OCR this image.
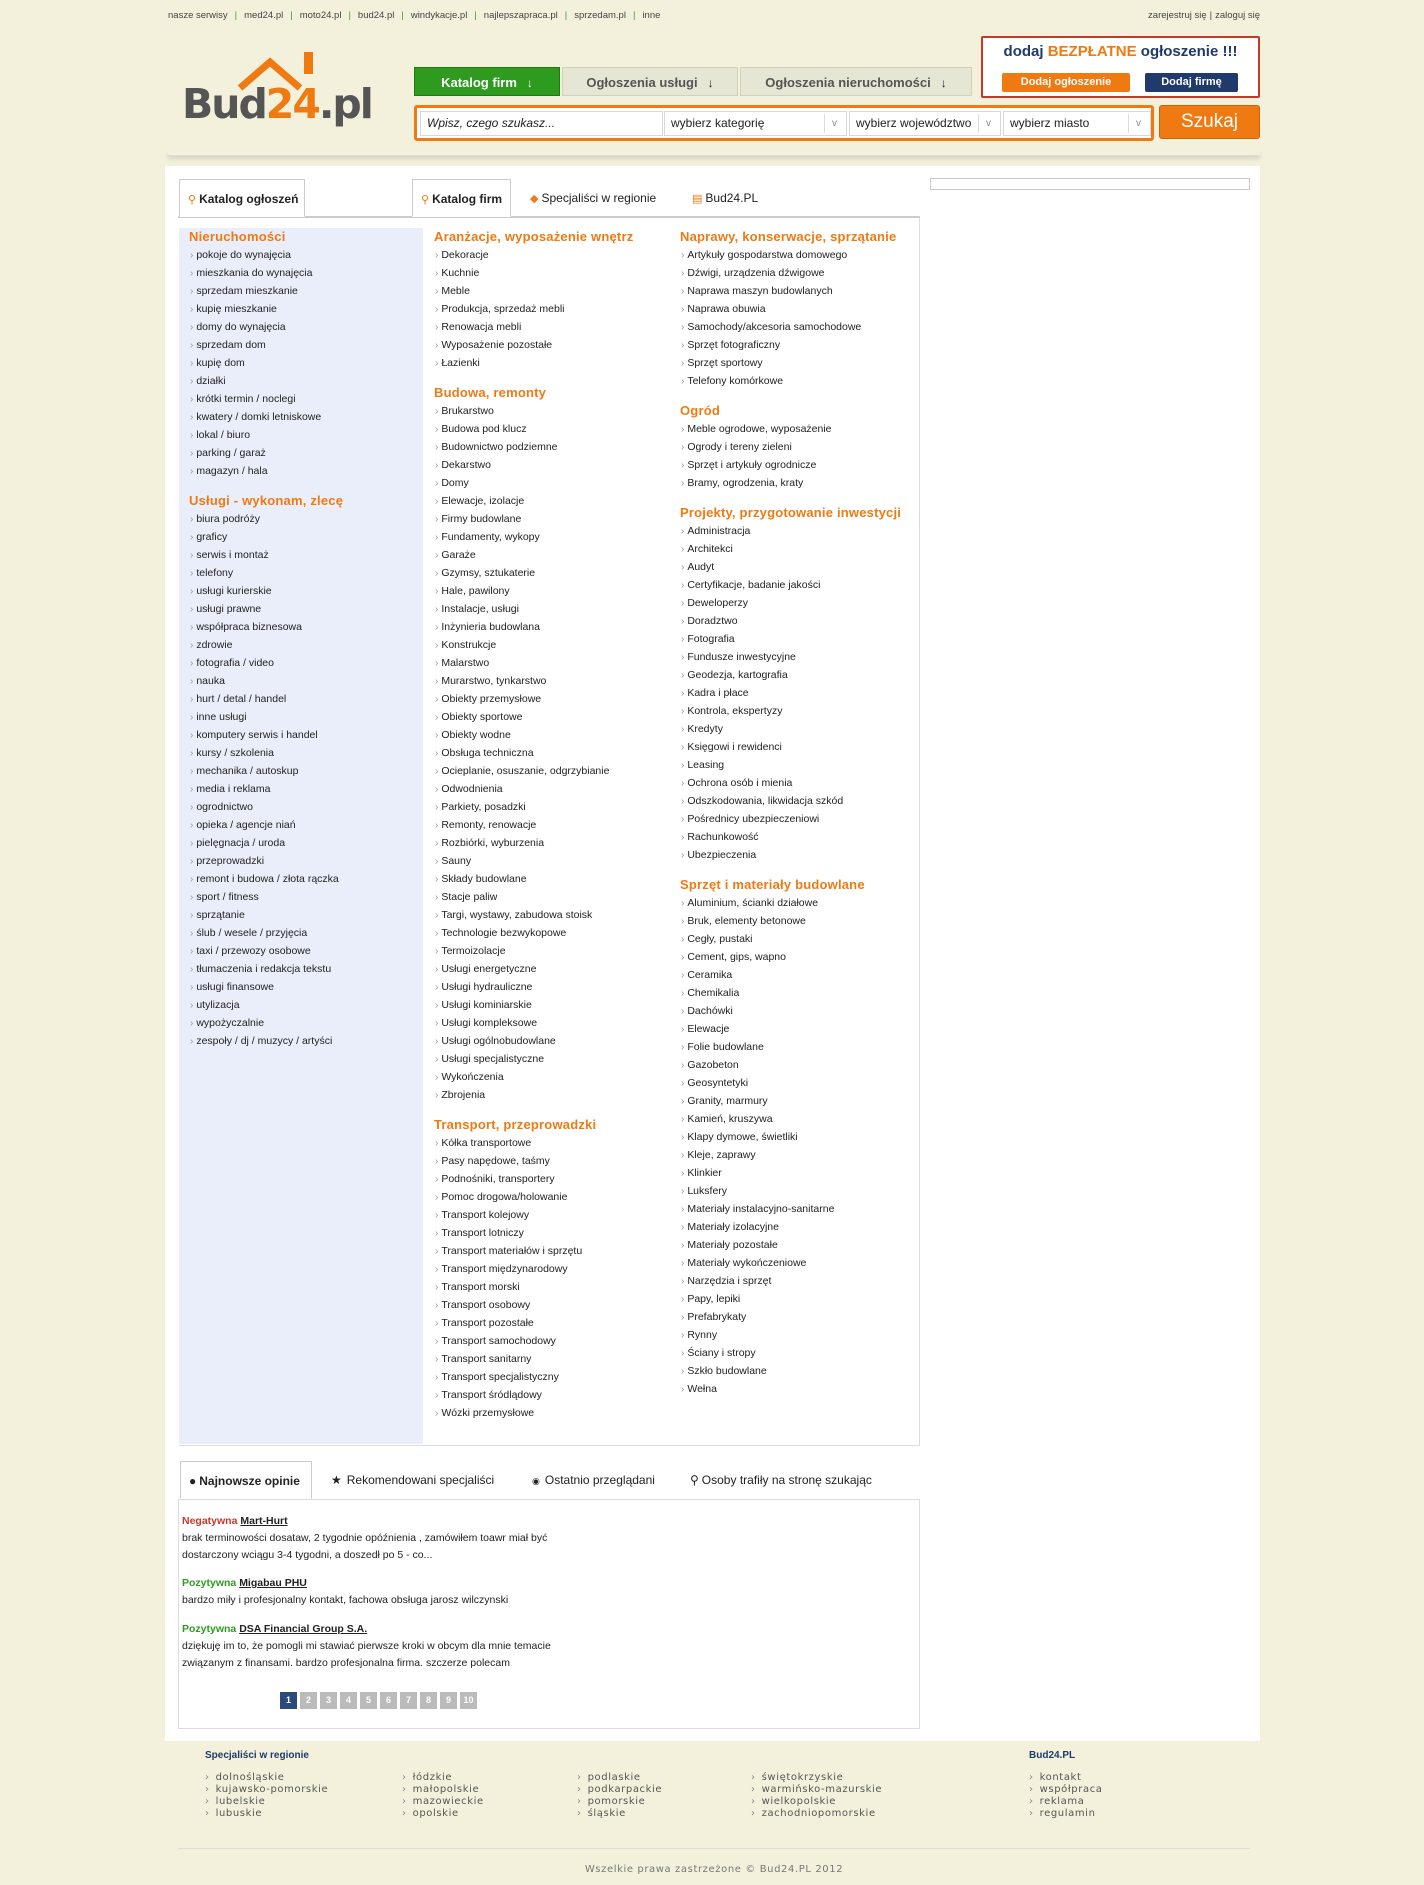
nasze serwisy | med24.pl | moto24.pl | bud24.pl | windykacje.pl | najlepszapraca.pl | sprzedam.pl | inne	zarejestruj się | zaloguj się
Bud24.pl	Katalog firm ↓	Ogłoszenia usługi ↓	Ogłoszenia nieruchomości ↓
Wpisz, czego szukasz...	wybierz kategorię	v	wybierz województwo	v	wybierz miasto	v	Szukaj
dodaj BEZPŁATNE ogłoszenie !!!
Dodaj ogłoszenie	Dodaj firmę
⚲ Katalog ogłoszeń	⚲ Katalog firm	◆ Specjaliści w regionie	▤ Bud24.PL
Nieruchomości
› pokoje do wynajęcia
› mieszkania do wynajęcia
› sprzedam mieszkanie
› kupię mieszkanie
› domy do wynajęcia
› sprzedam dom
› kupię dom
› działki
› krótki termin / noclegi
› kwatery / domki letniskowe
› lokal / biuro
› parking / garaż
› magazyn / hala
Usługi - wykonam, zlecę
› biura podróży
› graficy
› serwis i montaż
› telefony
› usługi kurierskie
› usługi prawne
› współpraca biznesowa
› zdrowie
› fotografia / video
› nauka
› hurt / detal / handel
› inne usługi
› komputery serwis i handel
› kursy / szkolenia
› mechanika / autoskup
› media i reklama
› ogrodnictwo
› opieka / agencje niań
› pielęgnacja / uroda
› przeprowadzki
› remont i budowa / złota rączka
› sport / fitness
› sprzątanie
› ślub / wesele / przyjęcia
› taxi / przewozy osobowe
› tłumaczenia i redakcja tekstu
› usługi finansowe
› utylizacja
› wypożyczalnie
› zespoły / dj / muzycy / artyści
Aranżacje, wyposażenie wnętrz
› Dekoracje
› Kuchnie
› Meble
› Produkcja, sprzedaż mebli
› Renowacja mebli
› Wyposażenie pozostałe
› Łazienki
Budowa, remonty
› Brukarstwo
› Budowa pod klucz
› Budownictwo podziemne
› Dekarstwo
› Domy
› Elewacje, izolacje
› Firmy budowlane
› Fundamenty, wykopy
› Garaże
› Gzymsy, sztukaterie
› Hale, pawilony
› Instalacje, usługi
› Inżynieria budowlana
› Konstrukcje
› Malarstwo
› Murarstwo, tynkarstwo
› Obiekty przemysłowe
› Obiekty sportowe
› Obiekty wodne
› Obsługa techniczna
› Ocieplanie, osuszanie, odgrzybianie
› Odwodnienia
› Parkiety, posadzki
› Remonty, renowacje
› Rozbiórki, wyburzenia
› Sauny
› Składy budowlane
› Stacje paliw
› Targi, wystawy, zabudowa stoisk
› Technologie bezwykopowe
› Termoizolacje
› Usługi energetyczne
› Usługi hydrauliczne
› Usługi kominiarskie
› Usługi kompleksowe
› Usługi ogólnobudowlane
› Usługi specjalistyczne
› Wykończenia
› Zbrojenia
Transport, przeprowadzki
› Kółka transportowe
› Pasy napędowe, taśmy
› Podnośniki, transportery
› Pomoc drogowa/holowanie
› Transport kolejowy
› Transport lotniczy
› Transport materiałów i sprzętu
› Transport międzynarodowy
› Transport morski
› Transport osobowy
› Transport pozostałe
› Transport samochodowy
› Transport sanitarny
› Transport specjalistyczny
› Transport śródlądowy
› Wózki przemysłowe
Naprawy, konserwacje, sprzątanie
› Artykuły gospodarstwa domowego
› Dźwigi, urządzenia dźwigowe
› Naprawa maszyn budowlanych
› Naprawa obuwia
› Samochody/akcesoria samochodowe
› Sprzęt fotograficzny
› Sprzęt sportowy
› Telefony komórkowe
Ogród
› Meble ogrodowe, wyposażenie
› Ogrody i tereny zieleni
› Sprzęt i artykuły ogrodnicze
› Bramy, ogrodzenia, kraty
Projekty, przygotowanie inwestycji
› Administracja
› Architekci
› Audyt
› Certyfikacje, badanie jakości
› Deweloperzy
› Doradztwo
› Fotografia
› Fundusze inwestycyjne
› Geodezja, kartografia
› Kadra i płace
› Kontrola, ekspertyzy
› Kredyty
› Księgowi i rewidenci
› Leasing
› Ochrona osób i mienia
› Odszkodowania, likwidacja szkód
› Pośrednicy ubezpieczeniowi
› Rachunkowość
› Ubezpieczenia
Sprzęt i materiały budowlane
› Aluminium, ścianki działowe
› Bruk, elementy betonowe
› Cegły, pustaki
› Cement, gips, wapno
› Ceramika
› Chemikalia
› Dachówki
› Elewacje
› Folie budowlane
› Gazobeton
› Geosyntetyki
› Granity, marmury
› Kamień, kruszywa
› Klapy dymowe, świetliki
› Kleje, zaprawy
› Klinkier
› Luksfery
› Materiały instalacyjno-sanitarne
› Materiały izolacyjne
› Materiały pozostałe
› Materiały wykończeniowe
› Narzędzia i sprzęt
› Papy, lepiki
› Prefabrykaty
› Rynny
› Ściany i stropy
› Szkło budowlane
› Wełna
● Najnowsze opinie	★ Rekomendowani specjaliści	◉ Ostatnio przeglądani	⚲ Osoby trafiły na stronę szukając
Negatywna Mart-Hurt
brak terminowości dosataw, 2 tygodnie opóźnienia , zamówiłem toawr miał być
dostarczony wciągu 3-4 tygodni, a doszedł po 5 - co...
Pozytywna Migabau PHU
bardzo miły i profesjonalny kontakt, fachowa obsługa jarosz wilczynski
Pozytywna DSA Financial Group S.A.
dziękuję im to, że pomogli mi stawiać pierwsze kroki w obcym dla mnie temacie
związanym z finansami. bardzo profesjonalna firma. szczerze polecam
1	2	3	4	5	6	7	8	9	10
Specjaliści w regionie	Bud24.PL
› dolnośląskie
› kujawsko-pomorskie
› lubelskie
› lubuskie
› łódzkie
› małopolskie
› mazowieckie
› opolskie
› podlaskie
› podkarpackie
› pomorskie
› śląskie
› świętokrzyskie
› warmińsko-mazurskie
› wielkopolskie
› zachodniopomorskie
› kontakt
› współpraca
› reklama
› regulamin
Wszelkie prawa zastrzeżone © Bud24.PL 2012
